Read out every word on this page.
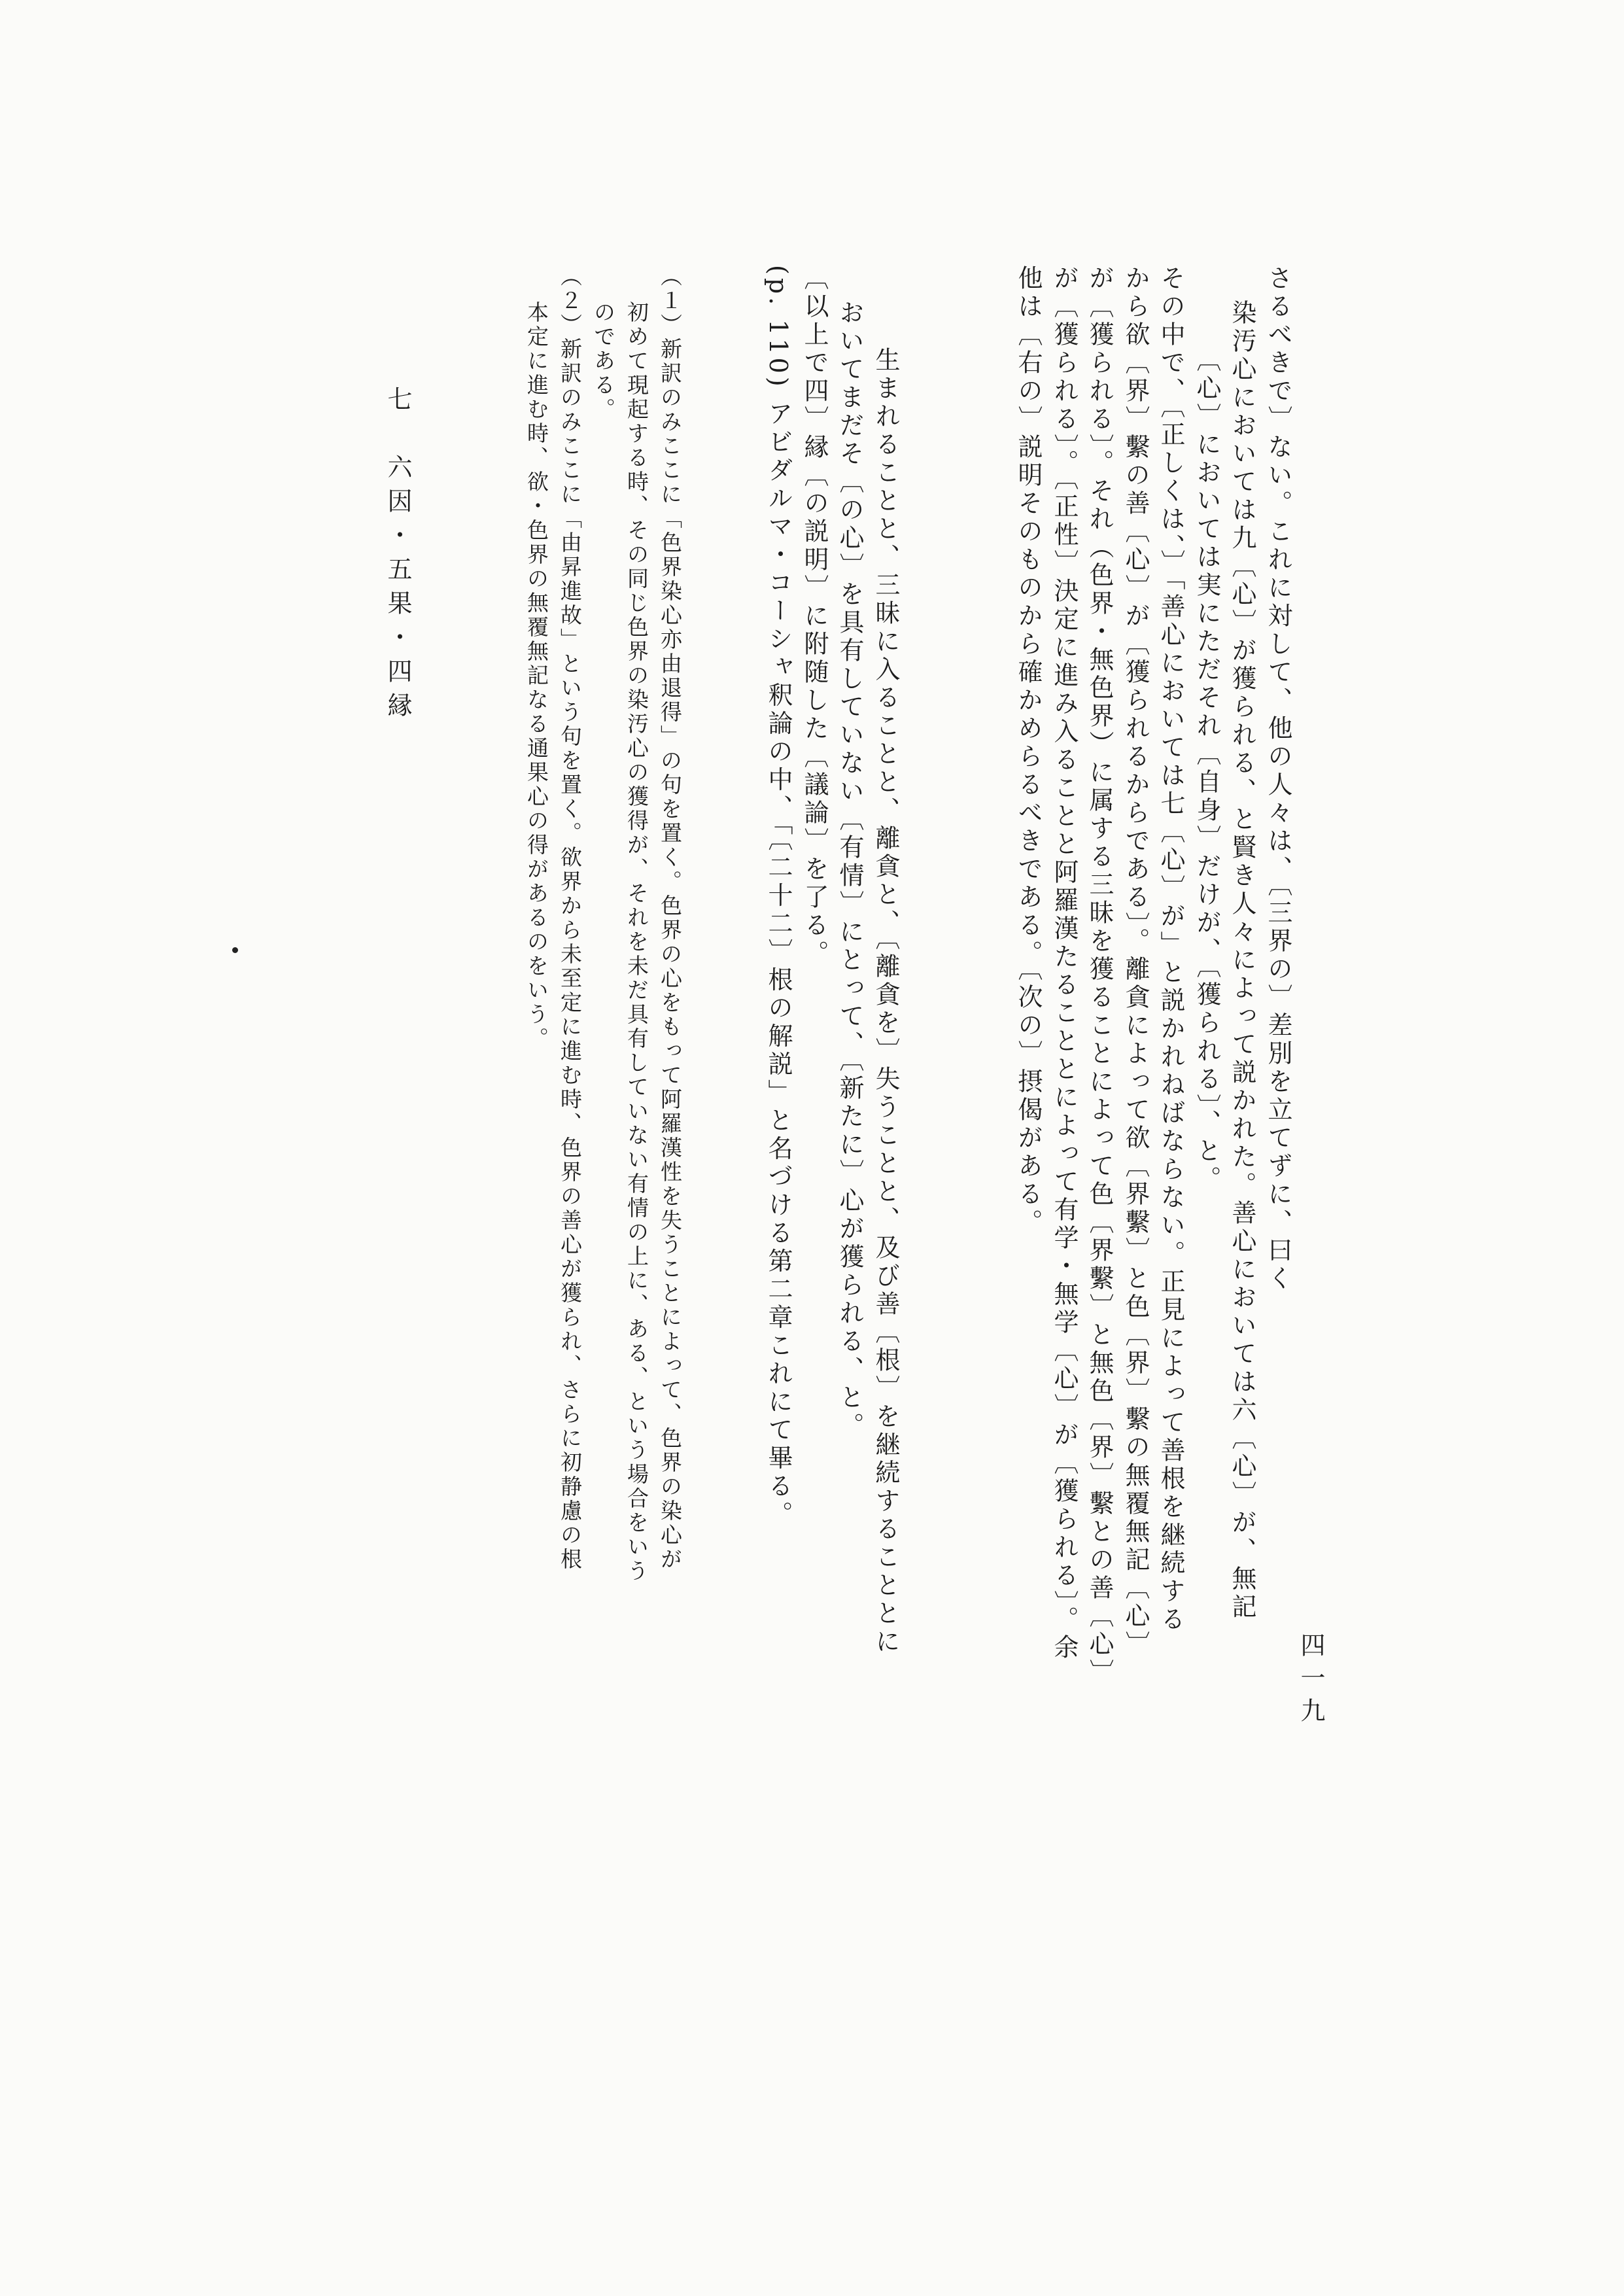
さるべきで〕ない。これに対して、他の人々は、〔三界の〕差別を立てずに、曰く
染汚心においては九〔心〕が獲られる、と賢き人々によって説かれた。善心においては六〔心〕が、無記
〔心〕においては実にただそれ〔自身〕だけが、〔獲られる〕、と。
その中で、〔正しくは、〕「善心においては七〔心〕が」と説かれねばならない。正見によって善根を継続する
から欲〔界〕繫の善〔心〕が〔獲られるからである〕。離貪によって欲〔界繫〕と色〔界〕繫の無覆無記〔心〕
が〔獲られる〕。それ（色界・無色界）に属する三昧を獲ることによって色〔界繫〕と無色〔界〕繫との善〔心〕
が〔獲られる〕。〔正性〕決定に進み入ることと阿羅漢たることとによって有学・無学〔心〕が〔獲られる〕。余
他は〔右の〕説明そのものから確かめらるべきである。〔次の〕摂偈がある。
生まれることと、三昧に入ることと、離貪と、〔離貪を〕失うことと、及び善〔根〕を継続することとに
おいてまだそ〔の心〕を具有していない〔有情〕にとって、〔新たに〕心が獲られる、と。
〔以上で四〕縁〔の説明〕に附随した〔議論〕を了る。
(p. 110) アビダルマ・コーシャ釈論の中、「〔二十二〕根の解説」と名づける第二章これにて畢る。
（１）新訳のみここに「色界染心亦由退得」の句を置く。色界の心をもって阿羅漢性を失うことによって、色界の染心が
初めて現起する時、その同じ色界の染汚心の獲得が、それを未だ具有していない有情の上に、ある、という場合をいう
のである。
（２）新訳のみここに「由昇進故」という句を置く。欲界から未至定に進む時、色界の善心が獲られ、さらに初静慮の根
本定に進む時、欲・色界の無覆無記なる通果心の得があるのをいう。
七　六因・五果・四縁
四一九
